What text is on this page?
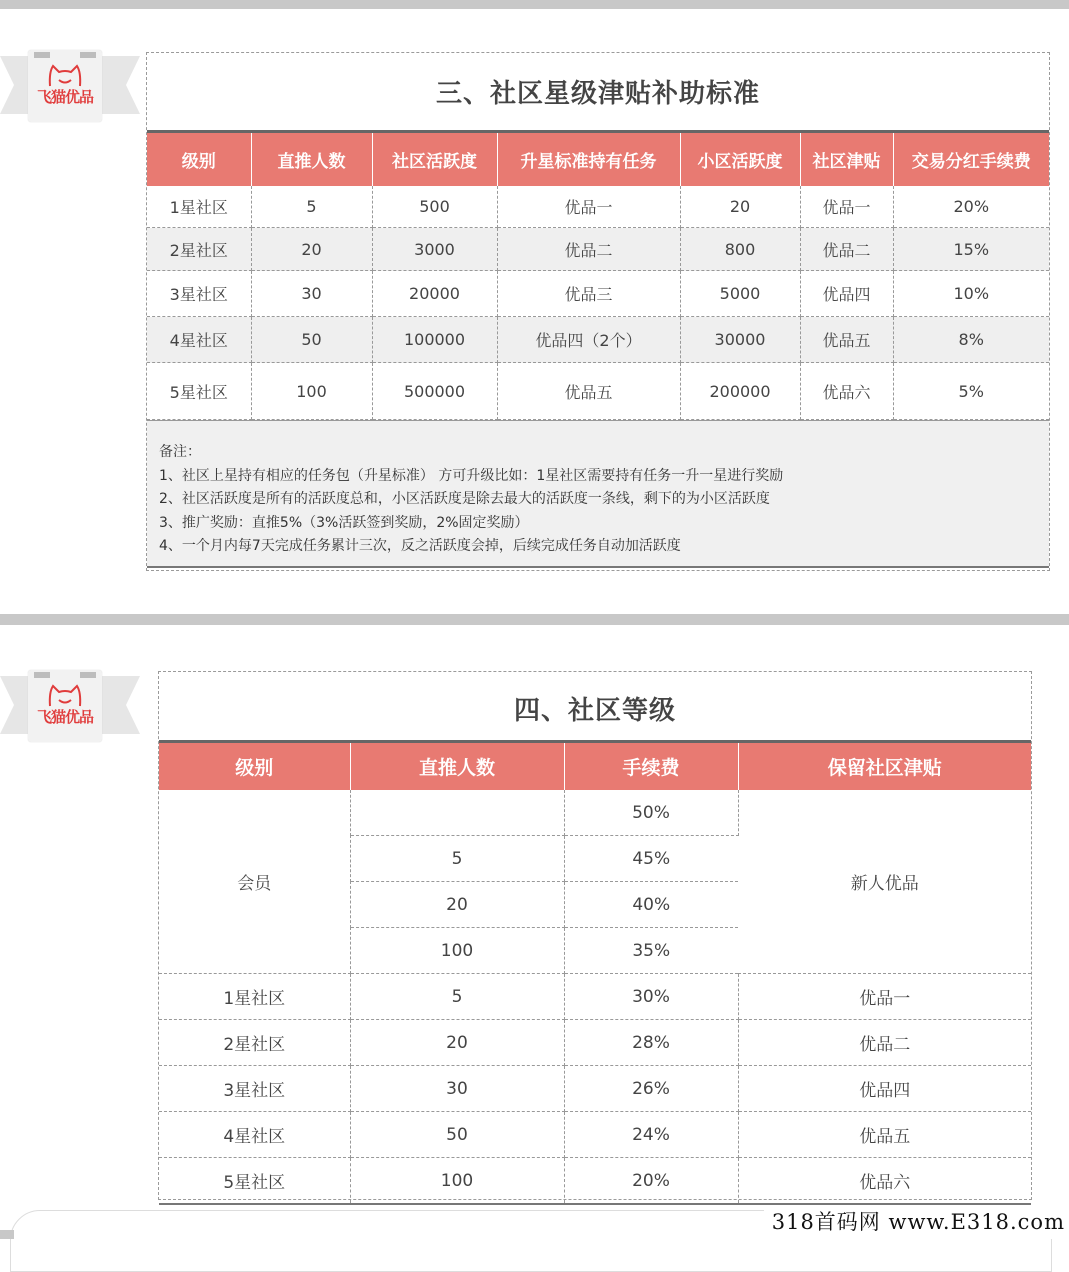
飞猫优品	三、社区星级津贴补助标准
级别	直推人数	社区活跃度	升星标准持有任务	小区活跃度	社区津贴	交易分红手续费
1星社区	5	500	优品一	20	优品一	20%
2星社区	20	3000	优品二	800	优品二	15%
3星社区	30	20000	优品三	5000	优品四	10%
4星社区	50	100000	优品四（2个）	30000	优品五	8%
5星社区	100	500000	优品五	200000	优品六	5%
备注：
1、社区上星持有相应的任务包（升星标准） 方可升级比如：1星社区需要持有任务一升一星进行奖励
2、社区活跃度是所有的活跃度总和，小区活跃度是除去最大的活跃度一条线，剩下的为小区活跃度
3、推广奖励：直推5%（3%活跃签到奖励，2%固定奖励）
4、一个月内每7天完成任务累计三次，反之活跃度会掉，后续完成任务自动加活跃度
飞猫优品	四、社区等级
级别	直推人数	手续费	保留社区津贴
会员		50%	新人优品
	5	45%	
	20	40%	
	100	35%	
1星社区	5	30%	优品一
2星社区	20	28%	优品二
3星社区	30	26%	优品四
4星社区	50	24%	优品五
5星社区	100	20%	优品六
318首码网 www.E318.com
